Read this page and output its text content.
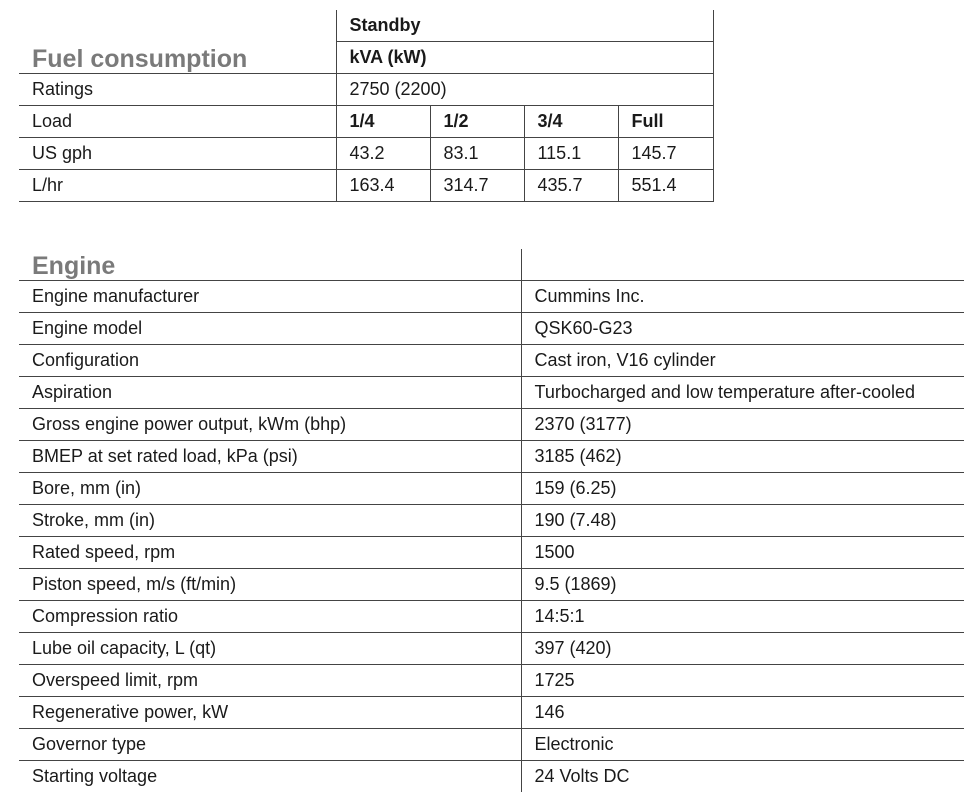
	Standby			
Fuel consumption	kVA (kW)			
Ratings	2750 (2200)			
Load	1/4	1/2	3/4	Full
US gph	43.2	83.1	115.1	145.7
L/hr	163.4	314.7	435.7	551.4
Engine	
Engine manufacturer	Cummins Inc.
Engine model	QSK60-G23
Configuration	Cast iron, V16 cylinder
Aspiration	Turbocharged and low temperature after-cooled
Gross engine power output, kWm (bhp)	2370 (3177)
BMEP at set rated load, kPa (psi)	3185 (462)
Bore, mm (in)	159 (6.25)
Stroke, mm (in)	190 (7.48)
Rated speed, rpm	1500
Piston speed, m/s (ft/min)	9.5 (1869)
Compression ratio	14:5:1
Lube oil capacity, L (qt)	397 (420)
Overspeed limit, rpm	1725
Regenerative power, kW	146
Governor type	Electronic
Starting voltage	24 Volts DC
